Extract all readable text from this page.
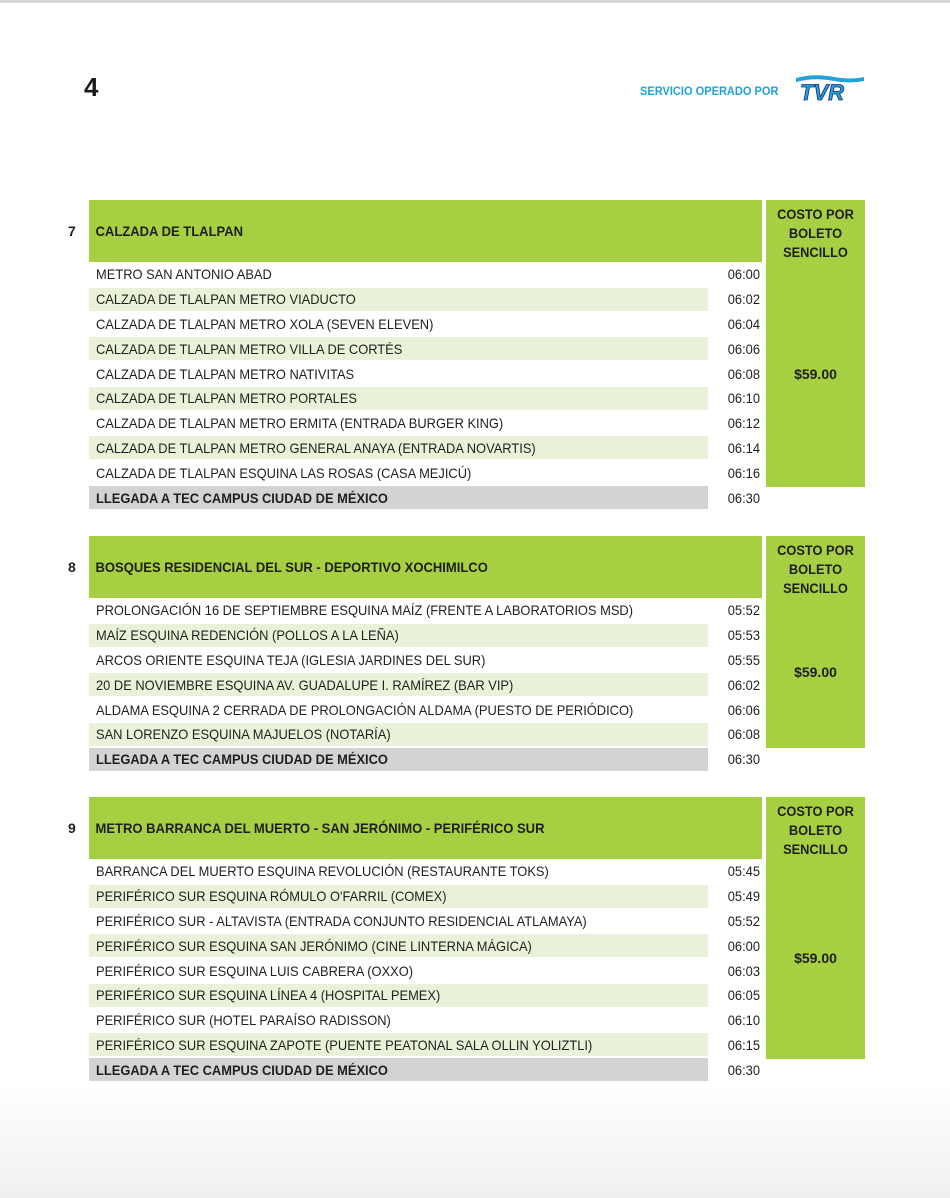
4	SERVICIO OPERADO POR TVR
7	CALZADA DE TLALPAN
COSTO POR
BOLETO
SENCILLO
$59.00
METRO SAN ANTONIO ABAD	06:00
CALZADA DE TLALPAN METRO VIADUCTO	06:02
CALZADA DE TLALPAN METRO XOLA (SEVEN ELEVEN)	06:04
CALZADA DE TLALPAN METRO VILLA DE CORTÉS	06:06
CALZADA DE TLALPAN METRO NATIVITAS	06:08
CALZADA DE TLALPAN METRO PORTALES	06:10
CALZADA DE TLALPAN METRO ERMITA (ENTRADA BURGER KING)	06:12
CALZADA DE TLALPAN METRO GENERAL ANAYA (ENTRADA NOVARTIS)	06:14
CALZADA DE TLALPAN ESQUINA LAS ROSAS (CASA MEJICÚ)	06:16
LLEGADA A TEC CAMPUS CIUDAD DE MÉXICO	06:30
8	BOSQUES RESIDENCIAL DEL SUR - DEPORTIVO XOCHIMILCO
COSTO POR
BOLETO
SENCILLO
$59.00
PROLONGACIÓN 16 DE SEPTIEMBRE ESQUINA MAÍZ (FRENTE A LABORATORIOS MSD)	05:52
MAÍZ ESQUINA REDENCIÓN (POLLOS A LA LEÑA)	05:53
ARCOS ORIENTE ESQUINA TEJA (IGLESIA JARDINES DEL SUR)	05:55
20 DE NOVIEMBRE ESQUINA AV. GUADALUPE I. RAMÍREZ (BAR VIP)	06:02
ALDAMA ESQUINA 2 CERRADA DE PROLONGACIÓN ALDAMA (PUESTO DE PERIÓDICO)	06:06
SAN LORENZO ESQUINA MAJUELOS (NOTARÍA)	06:08
LLEGADA A TEC CAMPUS CIUDAD DE MÉXICO	06:30
9	METRO BARRANCA DEL MUERTO - SAN JERÓNIMO - PERIFÉRICO SUR
COSTO POR
BOLETO
SENCILLO
$59.00
BARRANCA DEL MUERTO ESQUINA REVOLUCIÓN (RESTAURANTE TOKS)	05:45
PERIFÉRICO SUR ESQUINA RÓMULO O'FARRIL (COMEX)	05:49
PERIFÉRICO SUR - ALTAVISTA (ENTRADA CONJUNTO RESIDENCIAL ATLAMAYA)	05:52
PERIFÉRICO SUR ESQUINA SAN JERÓNIMO (CINE LINTERNA MÁGICA)	06:00
PERIFÉRICO SUR ESQUINA LUIS CABRERA (OXXO)	06:03
PERIFÉRICO SUR ESQUINA LÍNEA 4 (HOSPITAL PEMEX)	06:05
PERIFÉRICO SUR (HOTEL PARAÍSO RADISSON)	06:10
PERIFÉRICO SUR ESQUINA ZAPOTE (PUENTE PEATONAL SALA OLLIN YOLIZTLI)	06:15
LLEGADA A TEC CAMPUS CIUDAD DE MÉXICO	06:30
